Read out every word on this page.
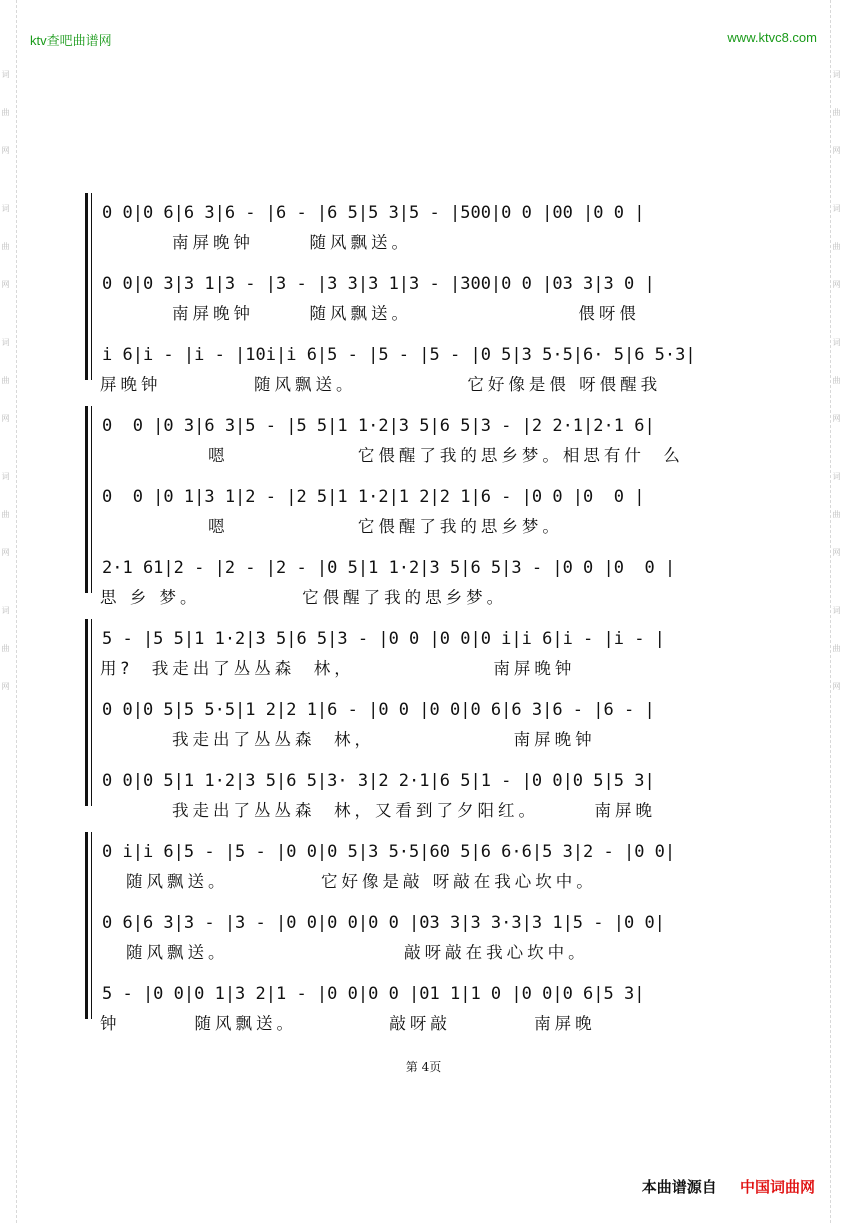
词曲网
词曲网
词曲网
词曲网
词曲网
词曲网
词曲网
词曲网
词曲网
词曲网
ktv查吧曲谱网	www.ktvc8.com
0 0|0 6|6 3|6 - |6 - |6 5|5 3|5 - |500|0 0 |00 |0 0 |
南屏晚钟      随风飘送。
0 0|0 3|3 1|3 - |3 - |3 3|3 1|3 - |300|0 0 |03 3|3 0 |
南屏晚钟      随风飘送。                  偎呀偎
i 6|i - |i - |10i|i 6|5 - |5 - |5 - |0 5|3 5·5|6· 5|6 5·3|
屏晚钟          随风飘送。            它好像是偎 呀偎醒我
0  0 |0 3|6 3|5 - |5 5|1 1·2|3 5|6 5|3 - |2 2·1|2·1 6|
嗯              它偎醒了我的思乡梦。相思有什  么
0  0 |0 1|3 1|2 - |2 5|1 1·2|1 2|2 1|6 - |0 0 |0  0 |
嗯              它偎醒了我的思乡梦。
2·1 61|2 - |2 - |2 - |0 5|1 1·2|3 5|6 5|3 - |0 0 |0  0 |
思 乡 梦。           它偎醒了我的思乡梦。
5 - |5 5|1 1·2|3 5|6 5|3 - |0 0 |0 0|0 i|i 6|i - |i - |
用?  我走出了丛丛森  林，               南屏晚钟
0 0|0 5|5 5·5|1 2|2 1|6 - |0 0 |0 0|0 6|6 3|6 - |6 - |
我走出了丛丛森  林，               南屏晚钟
0 0|0 5|1 1·2|3 5|6 5|3· 3|2 2·1|6 5|1 - |0 0|0 5|5 3|
我走出了丛丛森  林，又看到了夕阳红。      南屏晚
0 i|i 6|5 - |5 - |0 0|0 5|3 5·5|60 5|6 6·6|5 3|2 - |0 0|
随风飘送。          它好像是敲 呀敲在我心坎中。
0 6|6 3|3 - |3 - |0 0|0 0|0 0 |03 3|3 3·3|3 1|5 - |0 0|
随风飘送。                   敲呀敲在我心坎中。
5 - |0 0|0 1|3 2|1 - |0 0|0 0 |01 1|1 0 |0 0|0 6|5 3|
钟        随风飘送。          敲呀敲         南屏晚
第 4页
本曲谱源自 中国词曲网
